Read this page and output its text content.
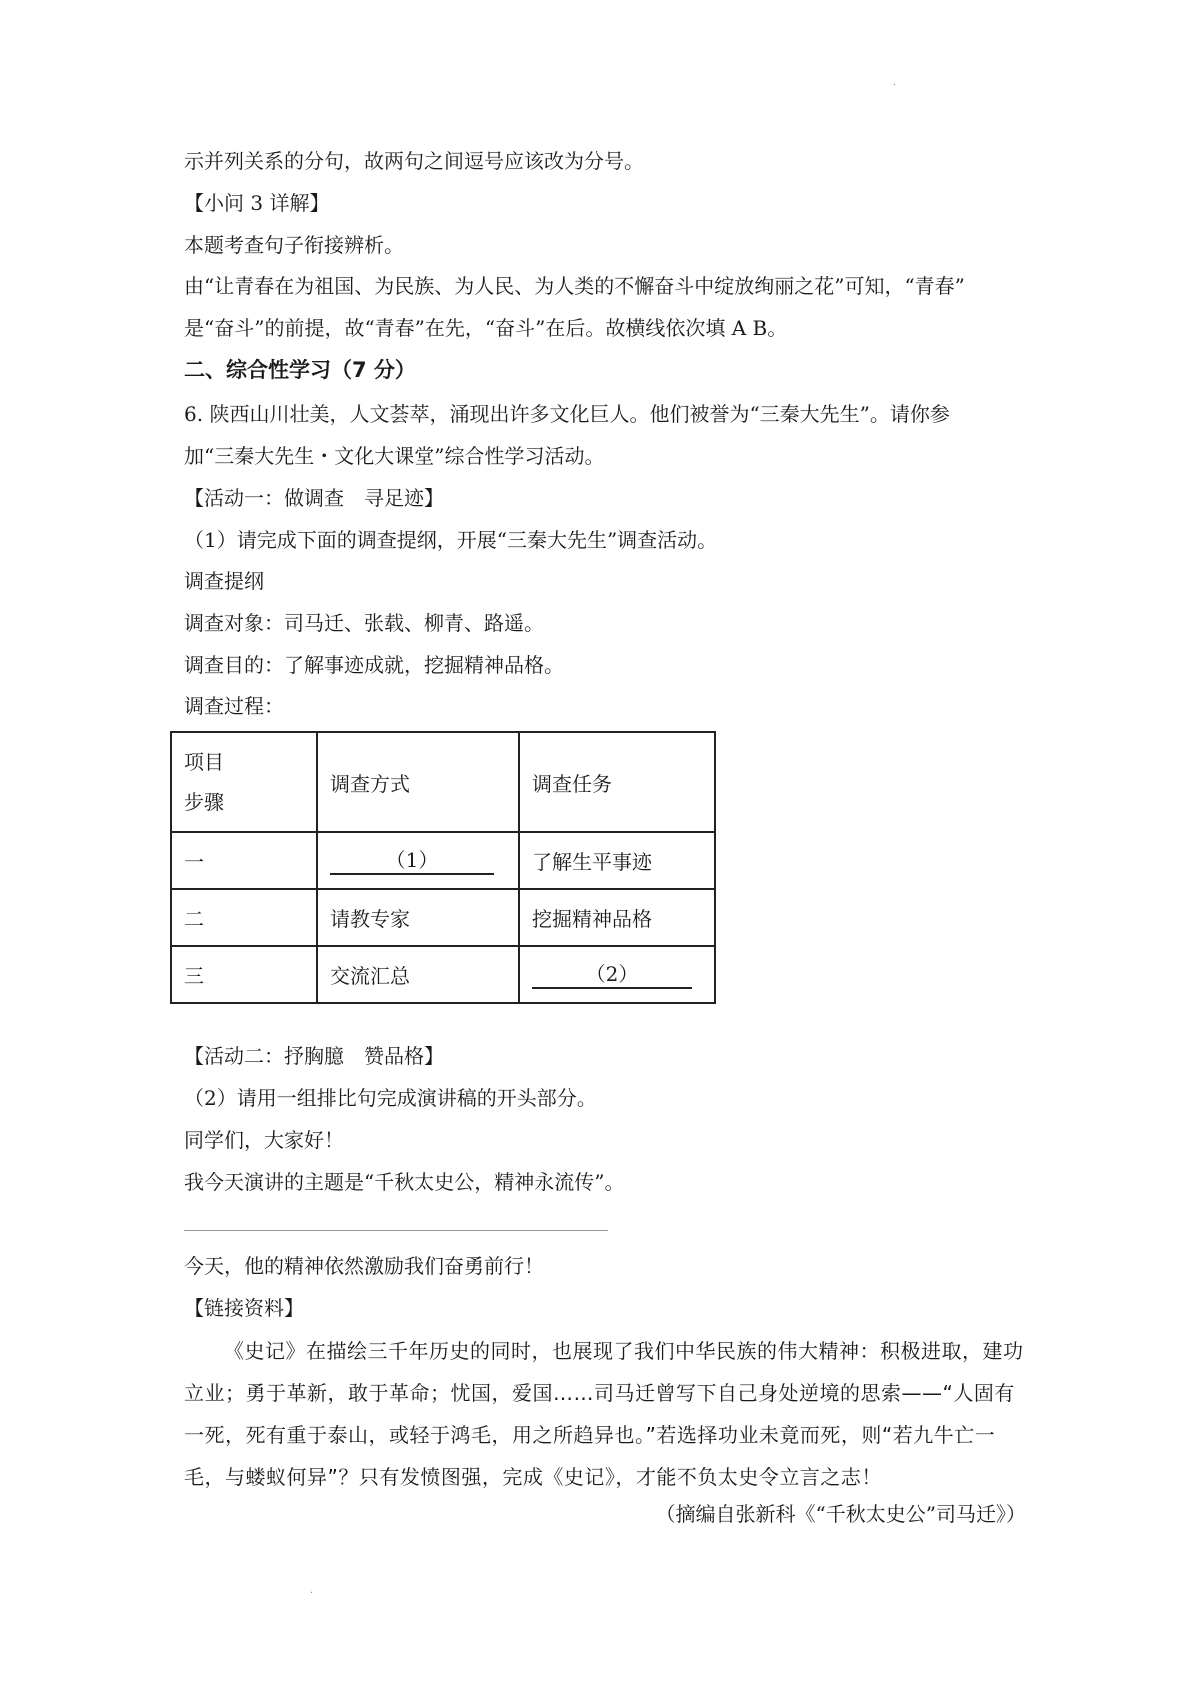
·
示并列关系的分句，故两句之间逗号应该改为分号。
【小问 3 详解】
本题考查句子衔接辨析。
由“让青春在为祖国、为民族、为人民、为人类的不懈奋斗中绽放绚丽之花”可知，“青春”
是“奋斗”的前提，故“青春”在先，“奋斗”在后。故横线依次填 A B。
二、综合性学习（7 分）
6. 陕西山川壮美，人文荟萃，涌现出许多文化巨人。他们被誉为“三秦大先生”。请你参
加“三秦大先生・文化大课堂”综合性学习活动。
【活动一：做调查　寻足迹】
（1）请完成下面的调查提纲，开展“三秦大先生”调查活动。
调查提纲
调查对象：司马迁、张载、柳青、路遥。
调查目的：了解事迹成就，挖掘精神品格。
调查过程：
项目
步骤	调查方式	调查任务
一	（1）	了解生平事迹
二	请教专家	挖掘精神品格
三	交流汇总	（2）
【活动二：抒胸臆　赞品格】
（2）请用一组排比句完成演讲稿的开头部分。
同学们，大家好！
我今天演讲的主题是“千秋太史公，精神永流传”。
今天，他的精神依然激励我们奋勇前行！
【链接资料】
《史记》在描绘三千年历史的同时，也展现了我们中华民族的伟大精神：积极进取，建功立业；勇于革新，敢于革命；忧国，爱国……司马迁曾写下自己身处逆境的思索——“人固有一死，死有重于泰山，或轻于鸿毛，用之所趋异也。”若选择功业未竟而死，则“若九牛亡一毛，与蝼蚁何异”？只有发愤图强，完成《史记》，才能不负太史令立言之志！
（摘编自张新科《“千秋太史公”司马迁》）
·
